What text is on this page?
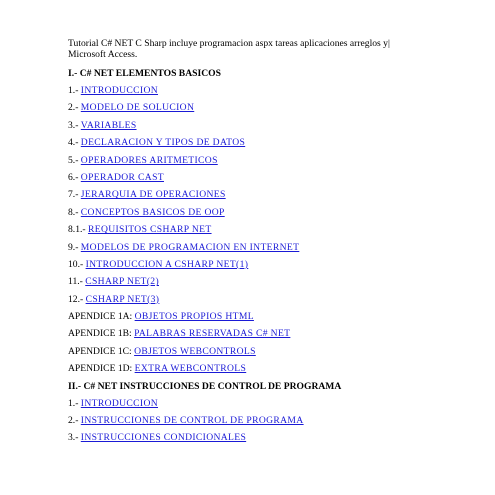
Tutorial C# NET C Sharp incluye programacion aspx tareas aplicaciones arreglos y|
Microsoft Access.
I.- C# NET ELEMENTOS BASICOS
1.- INTRODUCCION
2.- MODELO DE SOLUCION
3.- VARIABLES
4.- DECLARACION Y TIPOS DE DATOS
5.- OPERADORES ARITMETICOS
6.- OPERADOR CAST
7.- JERARQUIA DE OPERACIONES
8.- CONCEPTOS BASICOS DE OOP
8.1.- REQUISITOS CSHARP NET
9.- MODELOS DE PROGRAMACION EN INTERNET
10.- INTRODUCCION A CSHARP NET(1)
11.- CSHARP NET(2)
12.- CSHARP NET(3)
APENDICE 1A: OBJETOS PROPIOS HTML
APENDICE 1B: PALABRAS RESERVADAS C# NET
APENDICE 1C: OBJETOS WEBCONTROLS
APENDICE 1D: EXTRA WEBCONTROLS
II.- C# NET INSTRUCCIONES DE CONTROL DE PROGRAMA
1.- INTRODUCCION
2.- INSTRUCCIONES DE CONTROL DE PROGRAMA
3.- INSTRUCCIONES CONDICIONALES
